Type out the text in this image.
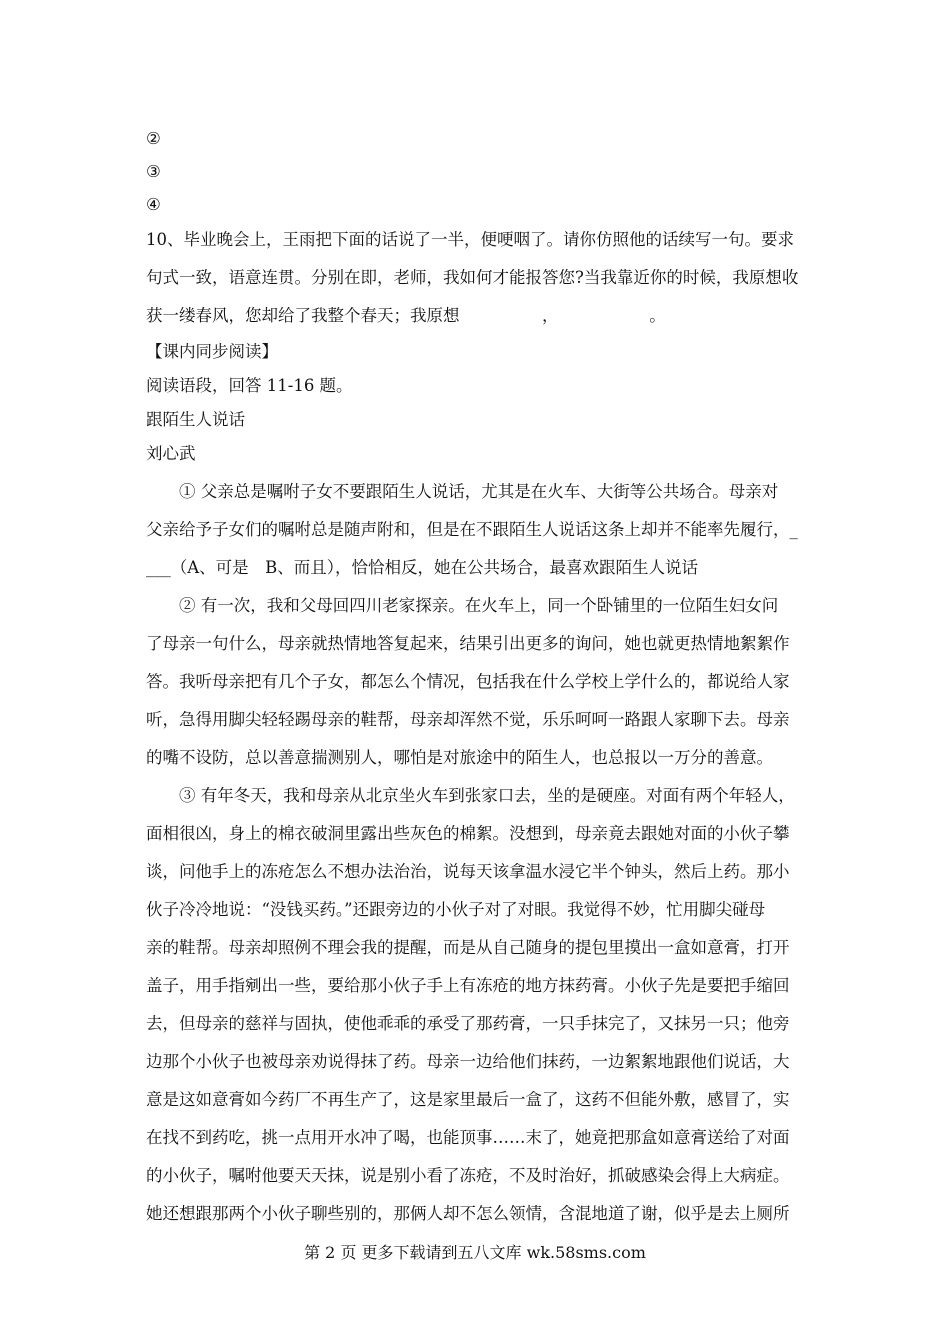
②
③
④
10、毕业晚会上，王雨把下面的话说了一半，便哽咽了。请你仿照他的话续写一句。要求
句式一致，语意连贯。分别在即，老师，我如何才能报答您?当我靠近你的时候，我原想收
获一缕春风，您却给了我整个春天；我原想　　　　　，　　　　　　。
【课内同步阅读】
阅读语段，回答 11-16 题。
跟陌生人说话
刘心武
　　① 父亲总是嘱咐子女不要跟陌生人说话，尤其是在火车、大街等公共场合。母亲对
父亲给予子女们的嘱咐总是随声附和，但是在不跟陌生人说话这条上却并不能率先履行，_
___（A、可是　B、而且），恰恰相反，她在公共场合，最喜欢跟陌生人说话
　　② 有一次，我和父母回四川老家探亲。在火车上，同一个卧铺里的一位陌生妇女问
了母亲一句什么，母亲就热情地答复起来，结果引出更多的询问，她也就更热情地絮絮作
答。我听母亲把有几个子女，都怎么个情况，包括我在什么学校上学什么的，都说给人家
听，急得用脚尖轻轻踢母亲的鞋帮，母亲却浑然不觉，乐乐呵呵一路跟人家聊下去。母亲
的嘴不设防，总以善意揣测别人，哪怕是对旅途中的陌生人，也总报以一万分的善意。
　　③ 有年冬天，我和母亲从北京坐火车到张家口去，坐的是硬座。对面有两个年轻人，
面相很凶，身上的棉衣破洞里露出些灰色的棉絮。没想到，母亲竟去跟她对面的小伙子攀
谈，问他手上的冻疮怎么不想办法治治，说每天该拿温水浸它半个钟头，然后上药。那小
伙子冷冷地说：“没钱买药。”还跟旁边的小伙子对了对眼。我觉得不妙，忙用脚尖碰母
亲的鞋帮。母亲却照例不理会我的提醒，而是从自己随身的提包里摸出一盒如意膏，打开
盖子，用手指剜出一些，要给那小伙子手上有冻疮的地方抹药膏。小伙子先是要把手缩回
去，但母亲的慈祥与固执，使他乖乖的承受了那药膏，一只手抹完了，又抹另一只；他旁
边那个小伙子也被母亲劝说得抹了药。母亲一边给他们抹药，一边絮絮地跟他们说话，大
意是这如意膏如今药厂不再生产了，这是家里最后一盒了，这药不但能外敷，感冒了，实
在找不到药吃，挑一点用开水冲了喝，也能顶事……末了，她竟把那盒如意膏送给了对面
的小伙子，嘱咐他要天天抹，说是别小看了冻疮，不及时治好，抓破感染会得上大病症。
她还想跟那两个小伙子聊些别的，那俩人却不怎么领情，含混地道了谢，似乎是去上厕所
第 2 页 更多下载请到五八文库 wk.58sms.com
